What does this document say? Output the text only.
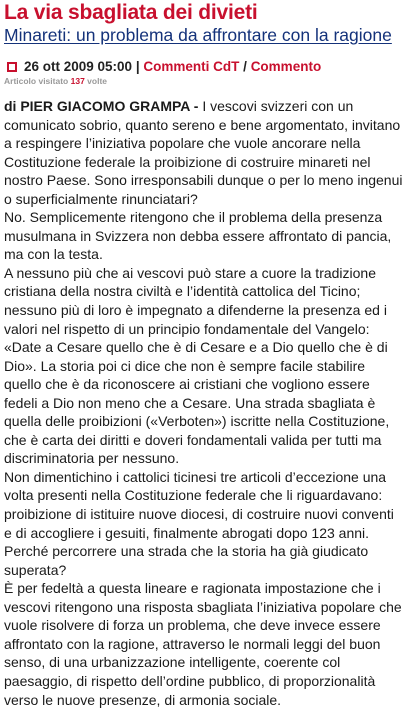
La via sbagliata dei divieti
Minareti: un problema da affrontare con la ragione
26 ott 2009 05:00 | Commenti CdT / Commento
Articolo visitato 137 volte

di PIER GIACOMO GRAMPA - I vescovi svizzeri con un comunicato sobrio, quanto sereno e bene argomentato, invitano a respingere l’iniziativa popolare che vuole ancorare nella Costituzione federale la proibizione di costruire minareti nel nostro Paese. Sono irresponsabili dunque o per lo meno ingenui o superficialmente rinunciatari?

No. Semplicemente ritengono che il problema della presenza musulmana in Svizzera non debba essere affrontato di pancia, ma con la testa.

A nessuno più che ai vescovi può stare a cuore la tradizione cristiana della nostra civiltà e l’identità cattolica del Ticino; nessuno più di loro è impegnato a difenderne la presenza ed i valori nel rispetto di un principio fondamentale del Vangelo: «Date a Cesare quello che è di Cesare e a Dio quello che è di Dio». La storia poi ci dice che non è sempre facile stabilire quello che è da riconoscere ai cristiani che vogliono essere fedeli a Dio non meno che a Cesare. Una strada sbagliata è quella delle proibizioni («Verboten») iscritte nella Costituzione, che è carta dei diritti e doveri fondamentali valida per tutti ma discriminatoria per nessuno.

Non dimentichino i cattolici ticinesi tre articoli d’eccezione una volta presenti nella Costituzione federale che li riguardavano: proibizione di istituire nuove diocesi, di costruire nuovi conventi e di accogliere i gesuiti, finalmente abrogati dopo 123 anni. Perché percorrere una strada che la storia ha già giudicato superata?

È per fedeltà a questa lineare e ragionata impostazione che i vescovi ritengono una risposta sbagliata l’iniziativa popolare che vuole risolvere di forza un problema, che deve invece essere affrontato con la ragione, attraverso le normali leggi del buon senso, di una urbanizzazione intelligente, coerente col paesaggio, di rispetto dell’ordine pubblico, di proporzionalità verso le nuove presenze, di armonia sociale.
